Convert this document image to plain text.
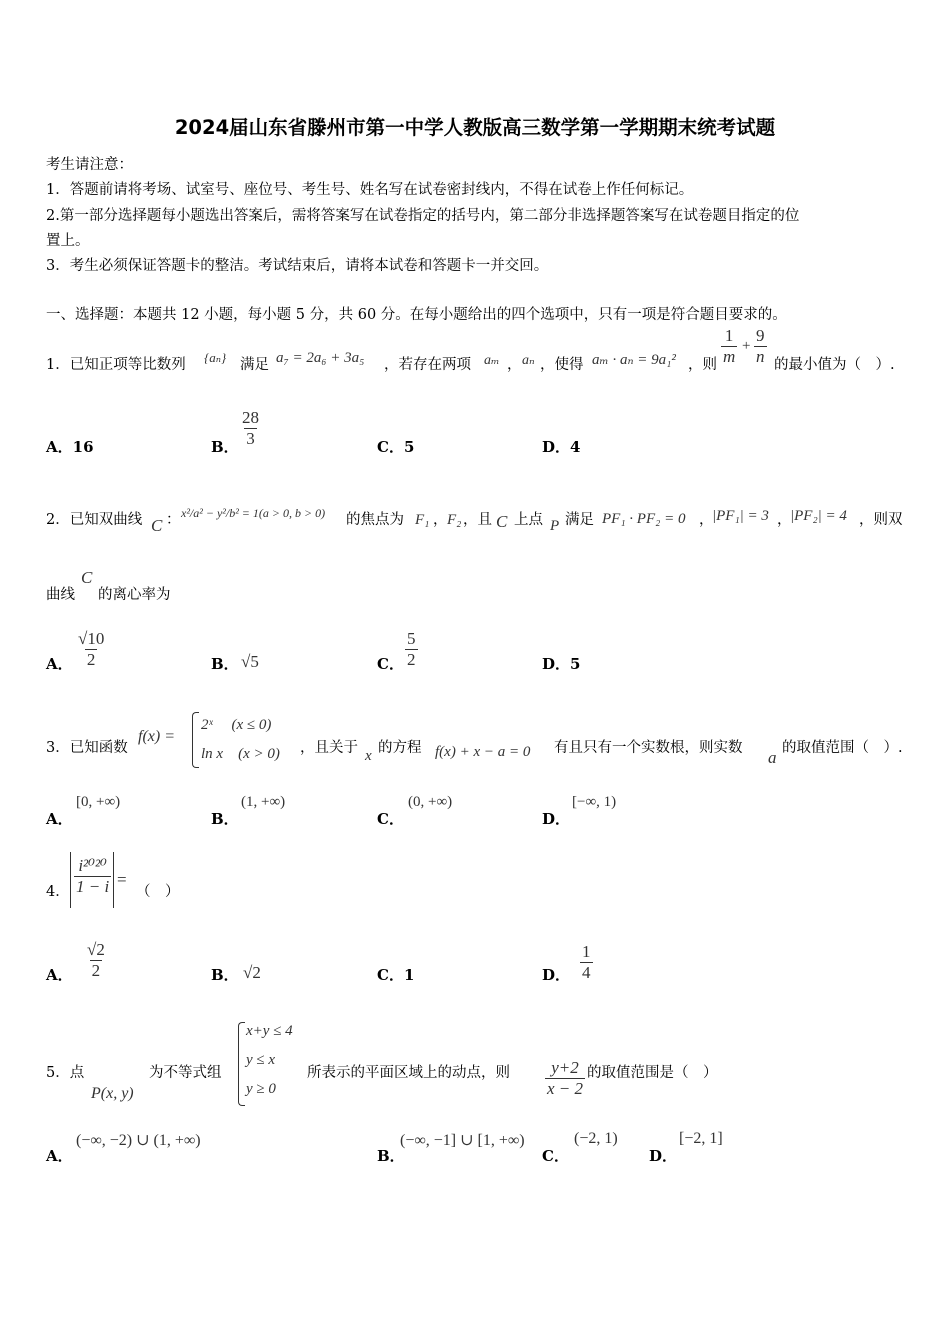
2024届山东省滕州市第一中学人教版高三数学第一学期期末统考试题
考生请注意：
1．答题前请将考场、试室号、座位号、考生号、姓名写在试卷密封线内，不得在试卷上作任何标记。
2.第一部分选择题每小题选出答案后，需将答案写在试卷指定的括号内，第二部分非选择题答案写在试卷题目指定的位
置上。
3．考生必须保证答题卡的整洁。考试结束后，请将本试卷和答题卡一并交回。
一、选择题：本题共 12 小题，每小题 5 分，共 60 分。在每小题给出的四个选项中，只有一项是符合题目要求的。
1．已知正项等比数列 {aₙ} 满足 a₇ = 2a₆ + 3a₅ ，若存在两项 aₘ ， aₙ ，使得 aₘ · aₙ = 9a₁² ，则 $\frac{1}{m} + \frac{9}{n}$ 的最小值为（　）.
A．16	B． $\frac{28}{3}$	C．5	D．4
2．已知双曲线 C ： x²/a² − y²/b² = 1(a > 0, b > 0) 的焦点为 F₁ ， F₂ ，且 C 上点 P 满足 PF₁ · PF₂ = 0 ，
|PF₁| = 3 ，
|PF₂| = 4 ，则双
曲线
C
的离心率为
A． $\frac{√10}{2}$	B． √5	C． $\frac{5}{2}$	D．5
3．已知函数
f(x) =
2ˣ　 (x ≤ 0)
ln x　(x > 0) ，且关于 x 的方程 f(x) + x − a = 0 有且只有一个实数根，则实数 a 的取值范围（　）.
A．
[0, +∞)
B．
(1, +∞)
C．
(0, +∞)
D．
[−∞, 1)
4． $\frac{\text{i²⁰²⁰}}{1 - i}$ =
（　）
A． $\frac{√2}{2}$	B． √2	C．1	D． $\frac{1}{4}$
5．点
P(x, y)
为不等式组
x+y ≤ 4
y ≤ x
y ≥ 0
所表示的平面区域上的动点，则 $\frac{y+2}{x - 2}$ 的取值范围是（　）
A．
(−∞, −2) ∪ (1, +∞)
B．
(−∞, −1] ∪ [1, +∞)
C．
(−2, 1)
D．
[−2, 1]
